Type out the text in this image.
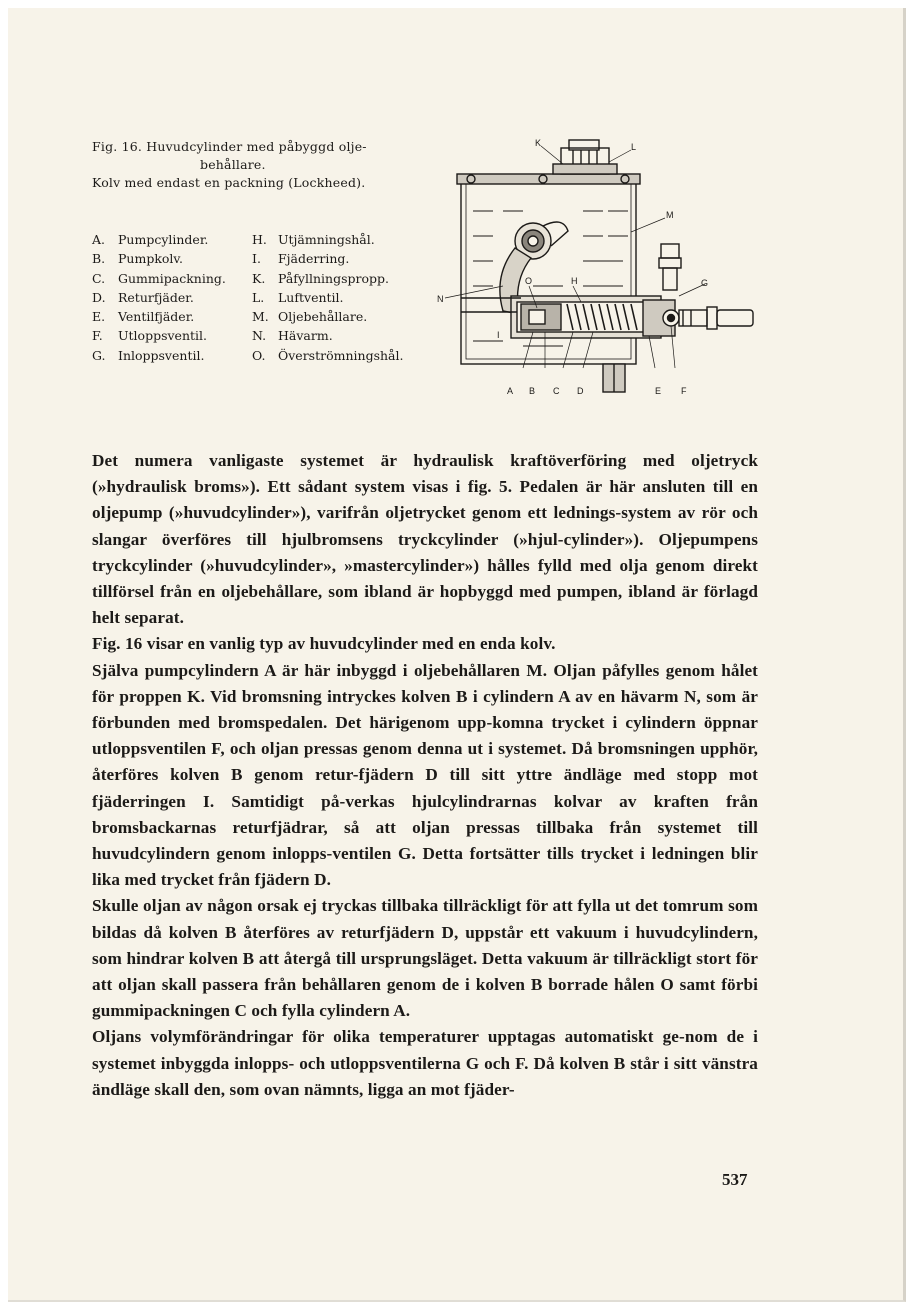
Fig. 16. Huvudcylinder med påbyggd olje-
behållare.
Kolv med endast en packning (Lockheed).
A.	Pumpcylinder.
B.	Pumpkolv.
C.	Gummipackning.
D. Returfjäder.
E.	Ventilfjäder.
F.	Utloppsventil.
G. Inloppsventil.
H. Utjämningshål.
I.	Fjäderring.
K.	Påfyllningspropp.
L.	Luftventil.
M. Oljebehållare.
N. Hävarm.
O.	Överströmningshål.
K	L
M
G
N
O	H
I
A B C D	E F

Det numera vanligaste systemet är hydraulisk kraftöverföring med oljetryck (»hydraulisk broms»). Ett sådant system visas i fig. 5. Pedalen är här ansluten till en oljepump (»huvudcylinder»), varifrån oljetrycket genom ett lednings-system av rör och slangar överföres till hjulbromsens tryckcylinder (»hjul-cylinder»). Oljepumpens tryckcylinder (»huvudcylinder», »mastercylinder») hålles fylld med olja genom direkt tillförsel från en oljebehållare, som ibland är hopbyggd med pumpen, ibland är förlagd helt separat.

Fig. 16 visar en vanlig typ av huvudcylinder med en enda kolv.

Själva pumpcylindern A är här inbyggd i oljebehållaren M. Oljan påfylles genom hålet för proppen K. Vid bromsning intryckes kolven B i cylindern A av en hävarm N, som är förbunden med bromspedalen. Det härigenom upp-komna trycket i cylindern öppnar utloppsventilen F, och oljan pressas genom denna ut i systemet. Då bromsningen upphör, återföres kolven B genom retur-fjädern D till sitt yttre ändläge med stopp mot fjäderringen I. Samtidigt på-verkas hjulcylindrarnas kolvar av kraften från bromsbackarnas returfjädrar, så att oljan pressas tillbaka från systemet till huvudcylindern genom inlopps-ventilen G. Detta fortsätter tills trycket i ledningen blir lika med trycket från fjädern D.

Skulle oljan av någon orsak ej tryckas tillbaka tillräckligt för att fylla ut det tomrum som bildas då kolven B återföres av returfjädern D, uppstår ett vakuum i huvudcylindern, som hindrar kolven B att återgå till ursprungsläget. Detta vakuum är tillräckligt stort för att oljan skall passera från behållaren genom de i kolven B borrade hålen O samt förbi gummipackningen C och fylla cylindern A.

Oljans volymförändringar för olika temperaturer upptagas automatiskt ge-nom de i systemet inbyggda inlopps- och utloppsventilerna G och F. Då kolven B står i sitt vänstra ändläge skall den, som ovan nämnts, ligga an mot fjäder-

537
